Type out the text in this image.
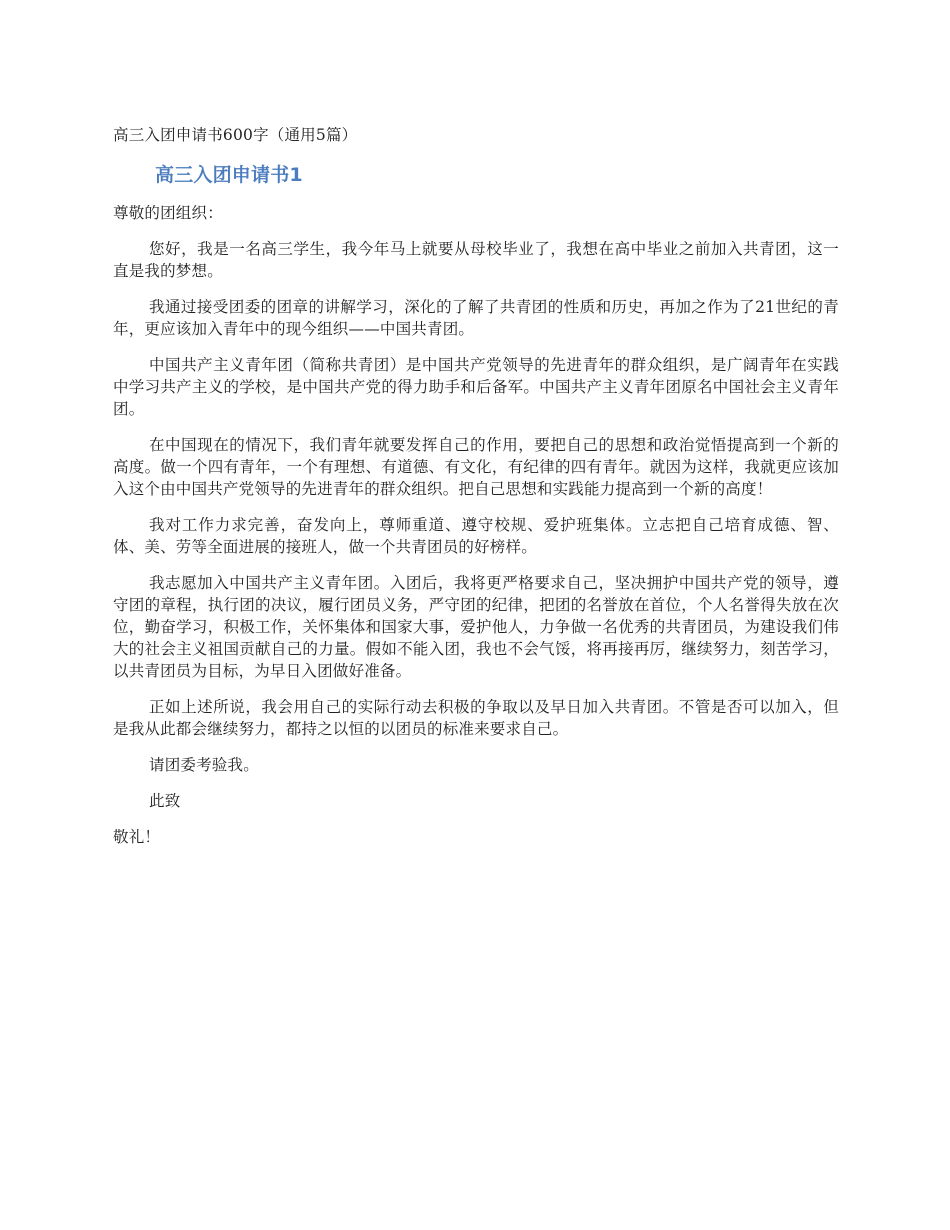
高三入团申请书600字（通用5篇）

高三入团申请书1

尊敬的团组织：

您好，我是一名高三学生，我今年马上就要从母校毕业了，我想在高中毕业之前加入共青团，这一直是我的梦想。

我通过接受团委的团章的讲解学习，深化的了解了共青团的性质和历史，再加之作为了21世纪的青年，更应该加入青年中的现今组织——中国共青团。

中国共产主义青年团（简称共青团）是中国共产党领导的先进青年的群众组织，是广阔青年在实践中学习共产主义的学校，是中国共产党的得力助手和后备军。中国共产主义青年团原名中国社会主义青年团。

在中国现在的情况下，我们青年就要发挥自己的作用，要把自己的思想和政治觉悟提高到一个新的高度。做一个四有青年，一个有理想、有道德、有文化，有纪律的四有青年。就因为这样，我就更应该加入这个由中国共产党领导的先进青年的群众组织。把自己思想和实践能力提高到一个新的高度！

我对工作力求完善，奋发向上，尊师重道、遵守校规、爱护班集体。立志把自己培育成德、智、体、美、劳等全面进展的接班人，做一个共青团员的好榜样。

我志愿加入中国共产主义青年团。入团后，我将更严格要求自己，坚决拥护中国共产党的领导，遵守团的章程，执行团的决议，履行团员义务，严守团的纪律，把团的名誉放在首位，个人名誉得失放在次位，勤奋学习，积极工作，关怀集体和国家大事，爱护他人，力争做一名优秀的共青团员，为建设我们伟大的社会主义祖国贡献自己的力量。假如不能入团，我也不会气馁，将再接再厉，继续努力，刻苦学习，以共青团员为目标，为早日入团做好准备。

正如上述所说，我会用自己的实际行动去积极的争取以及早日加入共青团。不管是否可以加入，但是我从此都会继续努力，都持之以恒的以团员的标准来要求自己。

请团委考验我。

此致

敬礼！
